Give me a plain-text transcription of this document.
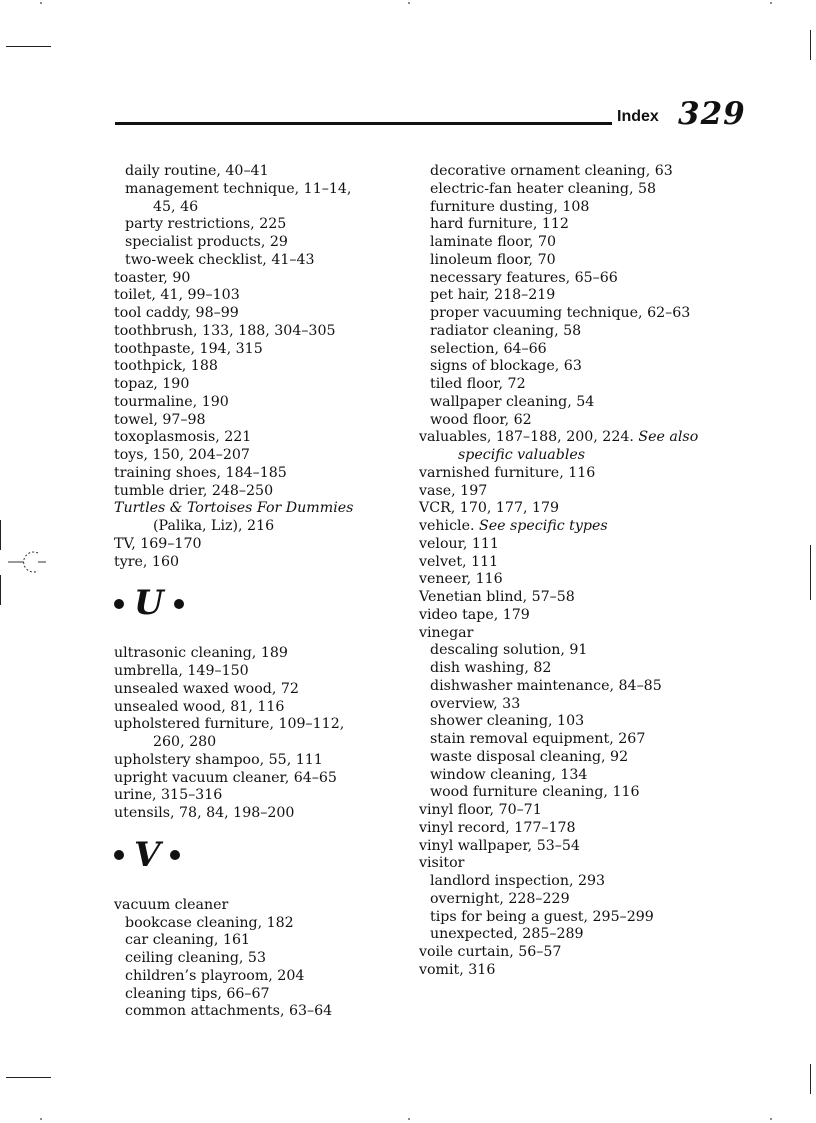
Index 329
daily routine, 40–41
management technique, 11–14,
45, 46
party restrictions, 225
specialist products, 29
two-week checklist, 41–43
toaster, 90
toilet, 41, 99–103
tool caddy, 98–99
toothbrush, 133, 188, 304–305
toothpaste, 194, 315
toothpick, 188
topaz, 190
tourmaline, 190
towel, 97–98
toxoplasmosis, 221
toys, 150, 204–207
training shoes, 184–185
tumble drier, 248–250
Turtles & Tortoises For Dummies
(Palika, Liz), 216
TV, 169–170
tyre, 160
U
ultrasonic cleaning, 189
umbrella, 149–150
unsealed waxed wood, 72
unsealed wood, 81, 116
upholstered furniture, 109–112,
260, 280
upholstery shampoo, 55, 111
upright vacuum cleaner, 64–65
urine, 315–316
utensils, 78, 84, 198–200
V
vacuum cleaner
bookcase cleaning, 182
car cleaning, 161
ceiling cleaning, 53
children’s playroom, 204
cleaning tips, 66–67
common attachments, 63–64
decorative ornament cleaning, 63
electric-fan heater cleaning, 58
furniture dusting, 108
hard furniture, 112
laminate floor, 70
linoleum floor, 70
necessary features, 65–66
pet hair, 218–219
proper vacuuming technique, 62–63
radiator cleaning, 58
selection, 64–66
signs of blockage, 63
tiled floor, 72
wallpaper cleaning, 54
wood floor, 62
valuables, 187–188, 200, 224. See also
specific valuables
varnished furniture, 116
vase, 197
VCR, 170, 177, 179
vehicle. See specific types
velour, 111
velvet, 111
veneer, 116
Venetian blind, 57–58
video tape, 179
vinegar
descaling solution, 91
dish washing, 82
dishwasher maintenance, 84–85
overview, 33
shower cleaning, 103
stain removal equipment, 267
waste disposal cleaning, 92
window cleaning, 134
wood furniture cleaning, 116
vinyl floor, 70–71
vinyl record, 177–178
vinyl wallpaper, 53–54
visitor
landlord inspection, 293
overnight, 228–229
tips for being a guest, 295–299
unexpected, 285–289
voile curtain, 56–57
vomit, 316
